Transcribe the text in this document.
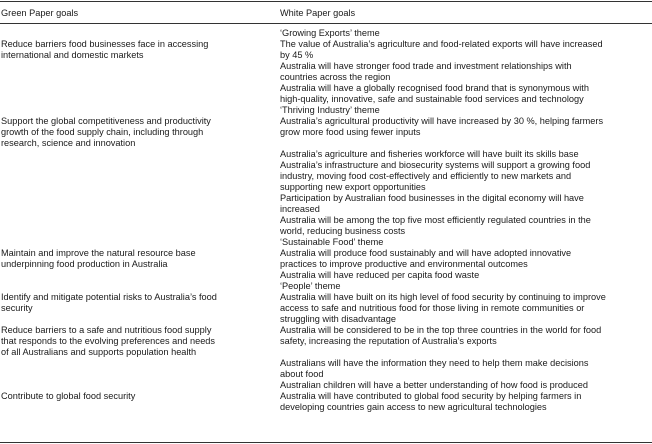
Green Paper goals	White Paper goals
‘Growing Exports’ theme
Reduce barriers food businesses face in accessing
international and domestic markets
The value of Australia’s agriculture and food-related exports will have increased
by 45 %
Australia will have stronger food trade and investment relationships with
countries across the region
Australia will have a globally recognised food brand that is synonymous with
high-quality, innovative, safe and sustainable food services and technology
‘Thriving Industry’ theme
Support the global competitiveness and productivity
growth of the food supply chain, including through
research, science and innovation
Australia’s agricultural productivity will have increased by 30 %, helping farmers
grow more food using fewer inputs
Australia’s agriculture and fisheries workforce will have built its skills base
Australia’s infrastructure and biosecurity systems will support a growing food
industry, moving food cost-effectively and efficiently to new markets and
supporting new export opportunities
Participation by Australian food businesses in the digital economy will have
increased
Australia will be among the top five most efficiently regulated countries in the
world, reducing business costs
‘Sustainable Food’ theme
Maintain and improve the natural resource base
underpinning food production in Australia
Australia will produce food sustainably and will have adopted innovative
practices to improve productive and environmental outcomes
Australia will have reduced per capita food waste
‘People’ theme
Identify and mitigate potential risks to Australia’s food
security
Australia will have built on its high level of food security by continuing to improve
access to safe and nutritious food for those living in remote communities or
struggling with disadvantage
Reduce barriers to a safe and nutritious food supply
that responds to the evolving preferences and needs
of all Australians and supports population health
Australia will be considered to be in the top three countries in the world for food
safety, increasing the reputation of Australia’s exports
Australians will have the information they need to help them make decisions
about food
Australian children will have a better understanding of how food is produced
Contribute to global food security	Australia will have contributed to global food security by helping farmers in
developing countries gain access to new agricultural technologies
